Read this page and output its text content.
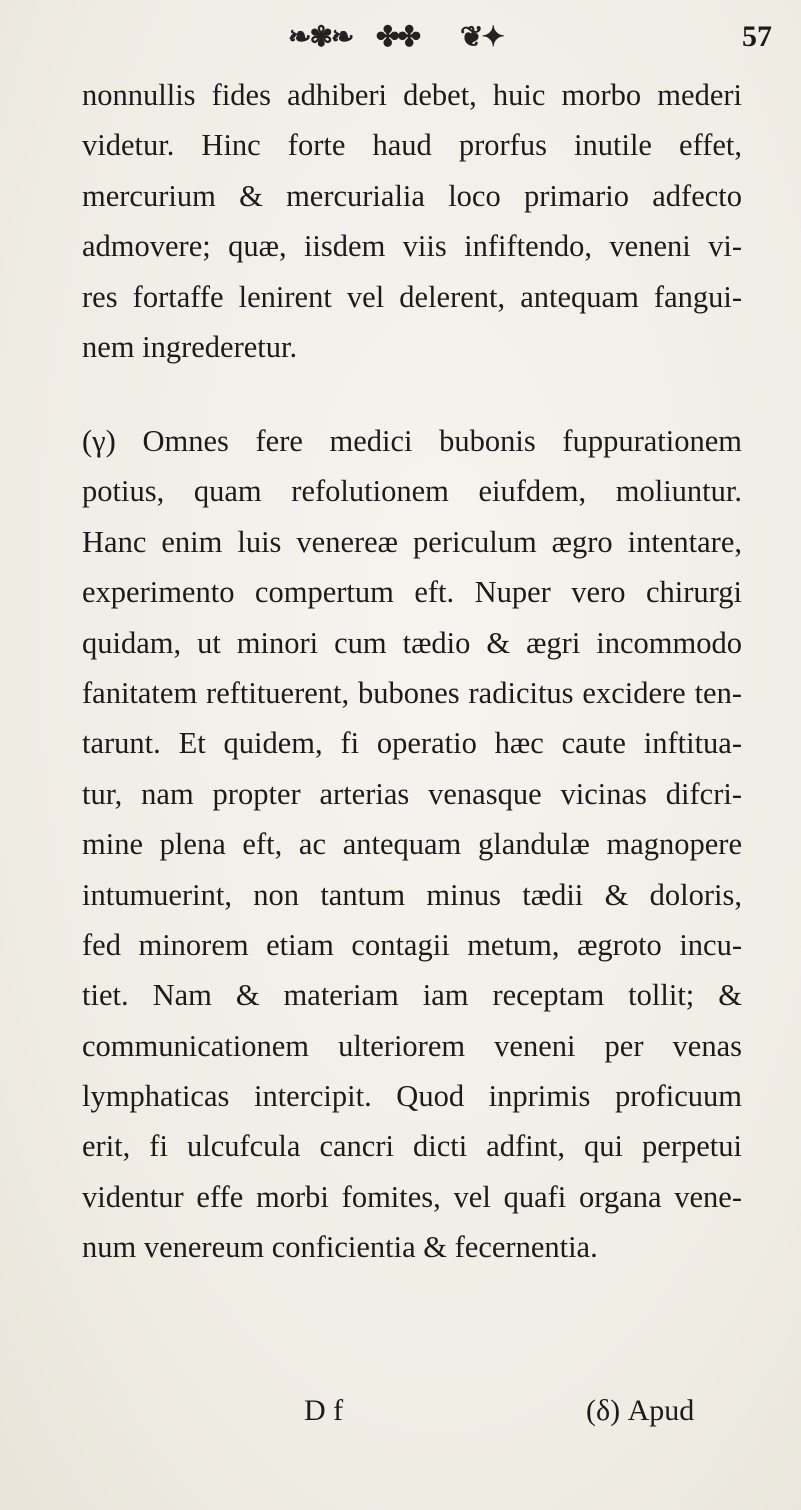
❧✾❧ ✤✤ ❦✦	57
nonnullis fides adhiberi debet, huic morbo mederi
videtur. Hinc forte haud prorfus inutile effet,
mercurium & mercurialia loco primario adfecto
admovere; quæ, iisdem viis infiftendo, veneni vi-
res fortaffe lenirent vel delerent, antequam fangui-
nem ingrederetur.
(γ) Omnes fere medici bubonis fuppurationem
potius, quam refolutionem eiufdem, moliuntur.
Hanc enim luis venereæ periculum ægro intentare,
experimento compertum eft. Nuper vero chirurgi
quidam, ut minori cum tædio & ægri incommodo
fanitatem reftituerent, bubones radicitus excidere ten-
tarunt. Et quidem, fi operatio hæc caute inftitua-
tur, nam propter arterias venasque vicinas difcri-
mine plena eft, ac antequam glandulæ magnopere
intumuerint, non tantum minus tædii & doloris,
fed minorem etiam contagii metum, ægroto incu-
tiet. Nam & materiam iam receptam tollit; &
communicationem ulteriorem veneni per venas
lymphaticas intercipit. Quod inprimis proficuum
erit, fi ulcufcula cancri dicti adfint, qui perpetui
videntur effe morbi fomites, vel quafi organa vene-
num venereum conficientia & fecernentia.
D f	(δ) Apud
